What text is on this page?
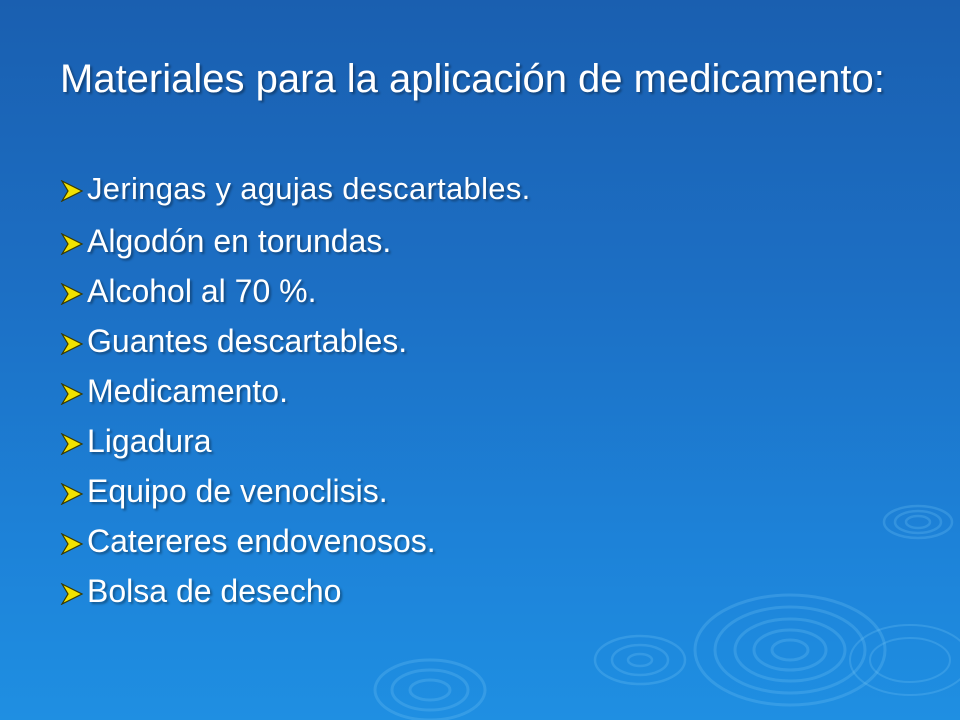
Materiales para la aplicación de medicamento:
Jeringas y agujas descartables.
Algodón en torundas.
Alcohol al 70 %.
Guantes descartables.
Medicamento.
Ligadura
Equipo de venoclisis.
Catereres endovenosos.
Bolsa de desecho
